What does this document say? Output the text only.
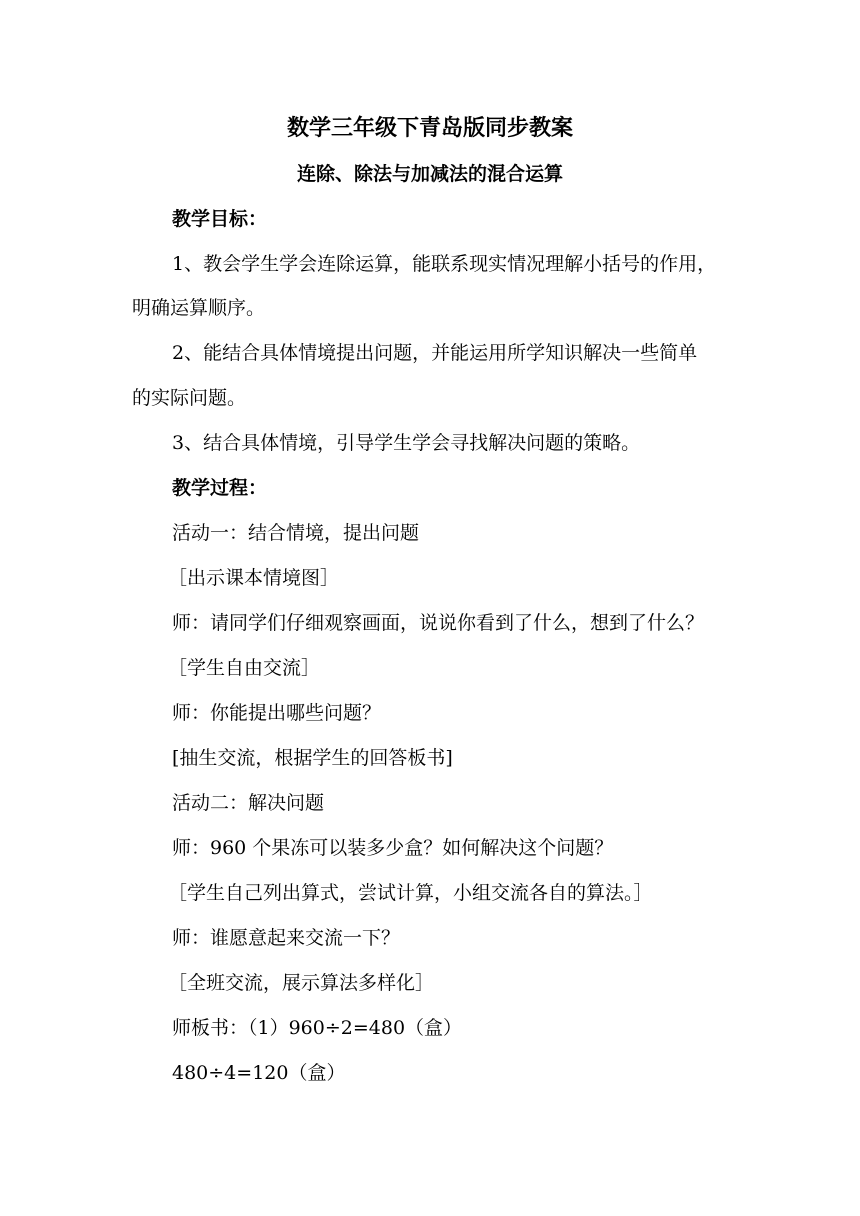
数学三年级下青岛版同步教案
连除、除法与加减法的混合运算
教学目标：
1、教会学生学会连除运算，能联系现实情况理解小括号的作用，
明确运算顺序。
2、能结合具体情境提出问题，并能运用所学知识解决一些简单
的实际问题。
3、结合具体情境，引导学生学会寻找解决问题的策略。
教学过程：
活动一：结合情境，提出问题
［出示课本情境图］
师：请同学们仔细观察画面，说说你看到了什么，想到了什么？
［学生自由交流］
师：你能提出哪些问题？
[抽生交流，根据学生的回答板书]
活动二：解决问题
师：960 个果冻可以装多少盒？如何解决这个问题？
［学生自己列出算式，尝试计算，小组交流各自的算法。］
师：谁愿意起来交流一下？
［全班交流，展示算法多样化］
师板书：（1）960÷2=480（盒）
480÷4=120（盒）
